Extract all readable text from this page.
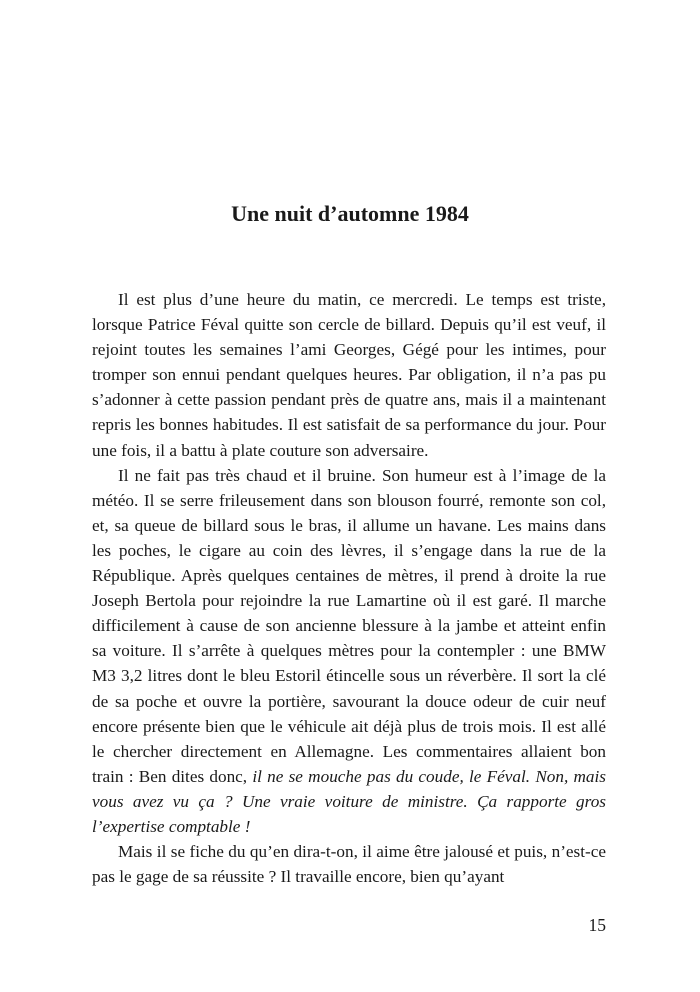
Une nuit d’automne 1984

Il est plus d’une heure du matin, ce mercredi. Le temps est triste, lorsque Patrice Féval quitte son cercle de billard. Depuis qu’il est veuf, il rejoint toutes les semaines l’ami Georges, Gégé pour les intimes, pour tromper son ennui pendant quelques heures. Par obligation, il n’a pas pu s’adonner à cette passion pendant près de quatre ans, mais il a maintenant repris les bonnes habitudes. Il est satisfait de sa performance du jour. Pour une fois, il a battu à plate couture son adversaire.

Il ne fait pas très chaud et il bruine. Son humeur est à l’image de la météo. Il se serre frileusement dans son blouson fourré, remonte son col, et, sa queue de billard sous le bras, il allume un havane. Les mains dans les poches, le cigare au coin des lèvres, il s’engage dans la rue de la République. Après quelques centaines de mètres, il prend à droite la rue Joseph Bertola pour rejoindre la rue Lamartine où il est garé. Il marche difficilement à cause de son ancienne blessure à la jambe et atteint enfin sa voiture. Il s’arrête à quelques mètres pour la contempler : une BMW M3 3,2 litres dont le bleu Estoril étincelle sous un réverbère. Il sort la clé de sa poche et ouvre la portière, savourant la douce odeur de cuir neuf encore présente bien que le véhicule ait déjà plus de trois mois. Il est allé le chercher directement en Allemagne. Les commentaires allaient bon train : Ben dites donc, il ne se mouche pas du coude, le Féval. Non, mais vous avez vu ça ? Une vraie voiture de ministre. Ça rapporte gros l’expertise comptable !

Mais il se fiche du qu’en dira-t-on, il aime être jalousé et puis, n’est-ce pas le gage de sa réussite ? Il travaille encore, bien qu’ayant

15
